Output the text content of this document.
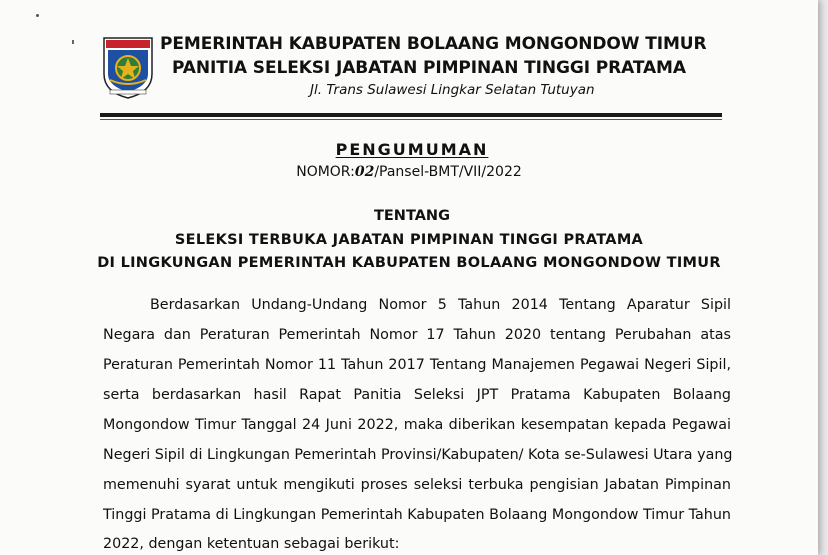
PEMERINTAH KABUPATEN BOLAANG MONGONDOW TIMUR
PANITIA SELEKSI JABATAN PIMPINAN TINGGI PRATAMA
Jl. Trans Sulawesi Lingkar Selatan Tutuyan
PENGUMUMAN
NOMOR:02/Pansel-BMT/VII/2022
TENTANG
SELEKSI TERBUKA JABATAN PIMPINAN TINGGI PRATAMA
DI LINGKUNGAN PEMERINTAH KABUPATEN BOLAANG MONGONDOW TIMUR
Berdasarkan Undang-Undang Nomor 5 Tahun 2014 Tentang Aparatur Sipil
Negara dan Peraturan Pemerintah Nomor 17 Tahun 2020 tentang Perubahan atas
Peraturan Pemerintah Nomor 11 Tahun 2017 Tentang Manajemen Pegawai Negeri Sipil,
serta berdasarkan hasil Rapat Panitia Seleksi JPT Pratama Kabupaten Bolaang
Mongondow Timur Tanggal 24 Juni 2022, maka diberikan kesempatan kepada Pegawai
Negeri Sipil di Lingkungan Pemerintah Provinsi/Kabupaten/ Kota se-Sulawesi Utara yang
memenuhi syarat untuk mengikuti proses seleksi terbuka pengisian Jabatan Pimpinan
Tinggi Pratama di Lingkungan Pemerintah Kabupaten Bolaang Mongondow Timur Tahun
2022, dengan ketentuan sebagai berikut:
